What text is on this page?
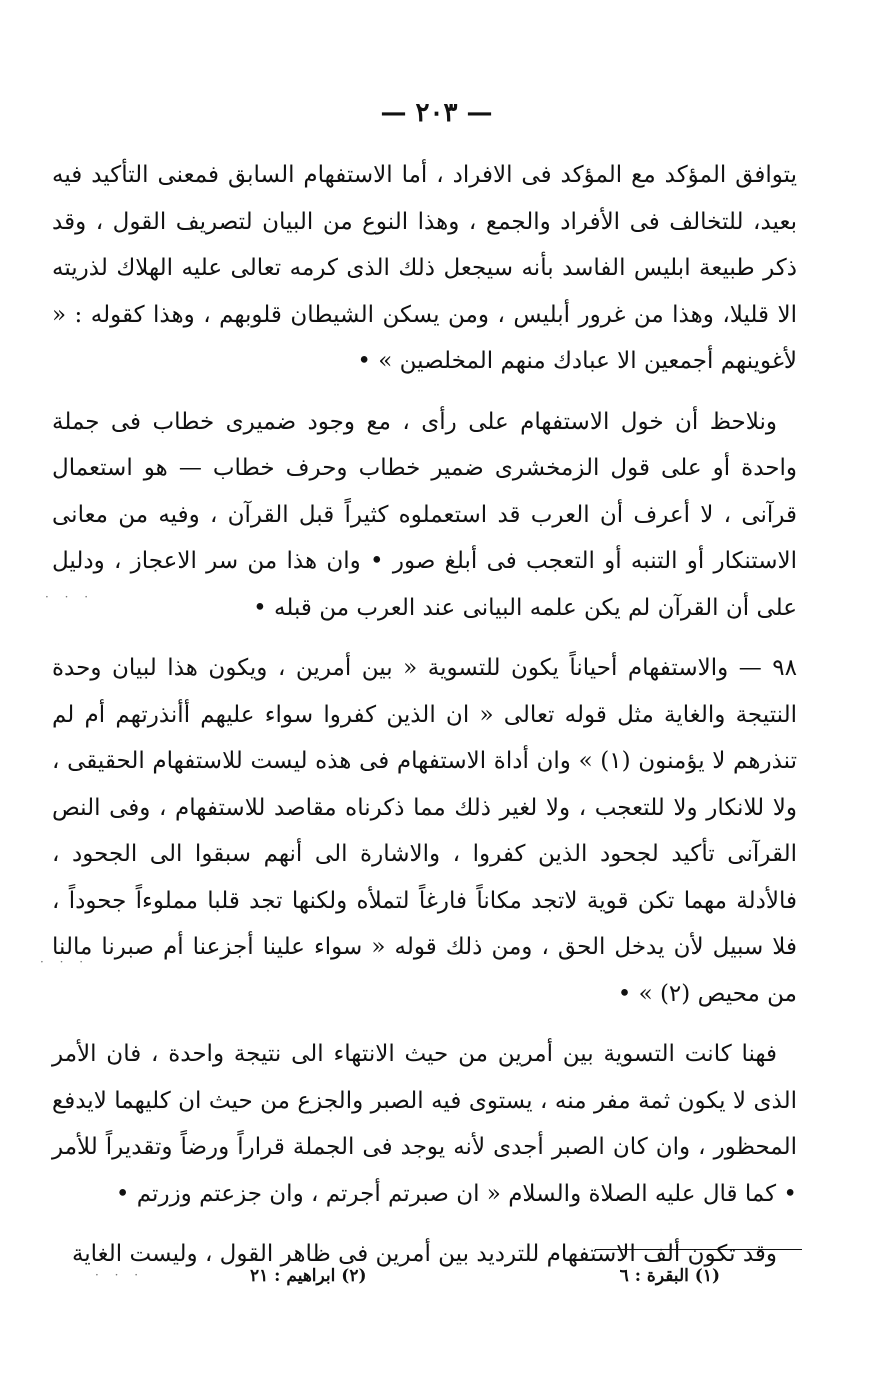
— ٢٠٣ —

يتوافق المؤكد مع المؤكد فى الافراد ، أما الاستفهام السابق فمعنى التأكيد فيه بعيد، للتخالف فى الأفراد والجمع ، وهذا النوع من البيان لتصريف القول ، وقد ذكر طبيعة ابليس الفاسد بأنه سيجعل ذلك الذى كرمه تعالى عليه الهلاك لذريته الا قليلا، وهذا من غرور أبليس ، ومن يسكن الشيطان قلوبهم ، وهذا كقوله : « لأغوينهم أجمعين الا عبادك منهم المخلصين » •

ونلاحظ أن خول الاستفهام على رأى ، مع وجود ضميرى خطاب فى جملة واحدة أو على قول الزمخشرى ضمير خطاب وحرف خطاب — هو استعمال قرآنى ، لا أعرف أن العرب قد استعملوه كثيراً قبل القرآن ، وفيه من معانى الاستنكار أو التنبه أو التعجب فى أبلغ صور • وان هذا من سر الاعجاز ، ودليل على أن القرآن لم يكن علمه البيانى عند العرب من قبله •

٩٨ — والاستفهام أحياناً يكون للتسوية « بين أمرين ، ويكون هذا لبيان وحدة النتيجة والغاية مثل قوله تعالى « ان الذين كفروا سواء عليهم أأنذرتهم أم لم تنذرهم لا يؤمنون (١) » وان أداة الاستفهام فى هذه ليست للاستفهام الحقيقى ، ولا للانكار ولا للتعجب ، ولا لغير ذلك مما ذكرناه مقاصد للاستفهام ، وفى النص القرآنى تأكيد لجحود الذين كفروا ، والاشارة الى أنهم سبقوا الى الجحود ، فالأدلة مهما تكن قوية لاتجد مكاناً فارغاً لتملأه ولكنها تجد قلبا مملوءاً جحوداً ، فلا سبيل لأن يدخل الحق ، ومن ذلك قوله « سواء علينا أجزعنا أم صبرنا مالنا من محيص (٢) » •

فهنا كانت التسوية بين أمرين من حيث الانتهاء الى نتيجة واحدة ، فان الأمر الذى لا يكون ثمة مفر منه ، يستوى فيه الصبر والجزع من حيث ان كليهما لايدفع المحظور ، وان كان الصبر أجدى لأنه يوجد فى الجملة قراراً ورضاً وتقديراً للأمر • كما قال عليه الصلاة والسلام « ان صبرتم أجرتم ، وان جزعتم وزرتم •

وقد تكون ألف الاستفهام للترديد بين أمرين فى ظاهر القول ، وليست الغاية

(١) البقرة : ٦
(٢) ابراهيم : ٢١
· · ·
· · ·
· · ·
